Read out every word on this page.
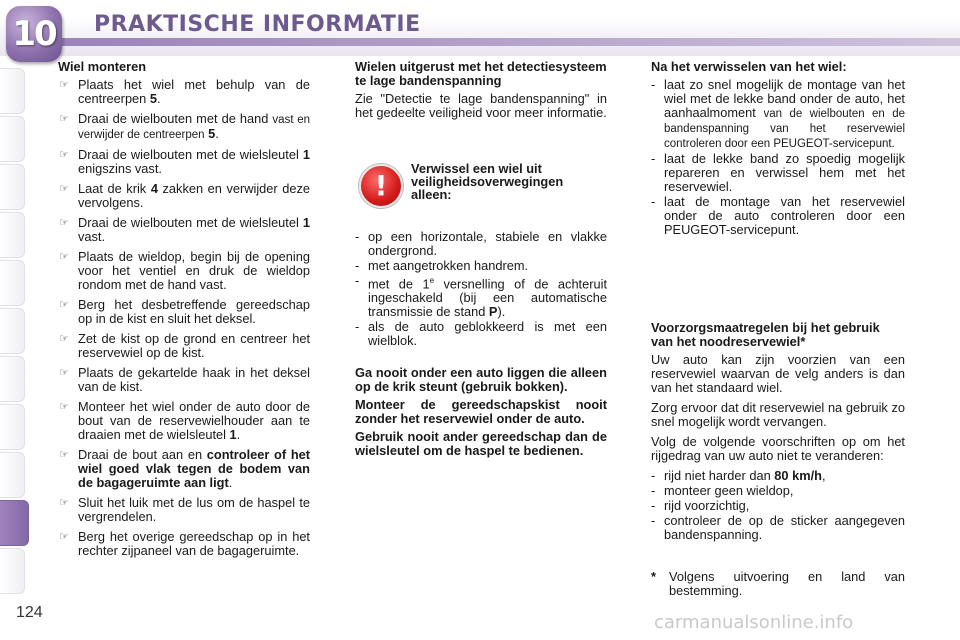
10 PRAKTISCHE INFORMATIE
Wiel monteren
☞ Plaats het wiel met behulp van de centreerpen 5.
☞ Draai de wielbouten met de hand vast en verwijder de centreerpen 5.
☞ Draai de wielbouten met de wielsleutel 1 enigszins vast.
☞ Laat de krik 4 zakken en verwijder deze vervolgens.
☞ Draai de wielbouten met de wielsleutel 1 vast.
☞ Plaats de wieldop, begin bij de opening voor het ventiel en druk de wieldop rondom met de hand vast.
☞ Berg het desbetreffende gereedschap op in de kist en sluit het deksel.
☞ Zet de kist op de grond en centreer het reservewiel op de kist.
☞ Plaats de gekartelde haak in het deksel van de kist.
☞ Monteer het wiel onder de auto door de bout van de reservewielhouder aan te draaien met de wielsleutel 1.
☞ Draai de bout aan en controleer of het wiel goed vlak tegen de bodem van de bagageruimte aan ligt.
☞ Sluit het luik met de lus om de haspel te vergrendelen.
☞ Berg het overige gereedschap op in het rechter zijpaneel van de bagageruimte.
Wielen uitgerust met het detectiesysteem te lage bandenspanning

Zie "Detectie te lage bandenspanning" in het gedeelte veiligheid voor meer informatie.

!
Verwissel een wiel uit veiligheidsoverwegingen alleen:
- op een horizontale, stabiele en vlakke ondergrond.
- met aangetrokken handrem.
- met de 1e versnelling of de achteruit ingeschakeld (bij een automatische transmissie de stand P).
- als de auto geblokkeerd is met een wielblok.

Ga nooit onder een auto liggen die alleen op de krik steunt (gebruik bokken).

Monteer de gereedschapskist nooit zonder het reservewiel onder de auto.

Gebruik nooit ander gereedschap dan de wielsleutel om de haspel te bedienen.

Na het verwisselen van het wiel:
- laat zo snel mogelijk de montage van het wiel met de lekke band onder de auto, het aanhaalmoment van de wielbouten en de bandenspanning van het reservewiel controleren door een PEUGEOT-servicepunt.
- laat de lekke band zo spoedig mogelijk repareren en verwissel hem met het reservewiel.
- laat de montage van het reservewiel onder de auto controleren door een PEUGEOT-servicepunt.
Voorzorgsmaatregelen bij het gebruik van het noodreservewiel*

Uw auto kan zijn voorzien van een reservewiel waarvan de velg anders is dan van het standaard wiel.

Zorg ervoor dat dit reservewiel na gebruik zo snel mogelijk wordt vervangen.

Volg de volgende voorschriften op om het rijgedrag van uw auto niet te veranderen:

- rijd niet harder dan 80 km/h,
- monteer geen wieldop,
- rijd voorzichtig,
- controleer de op de sticker aangegeven bandenspanning.
* Volgens uitvoering en land van bestemming.
124	carmanualsonline.info
